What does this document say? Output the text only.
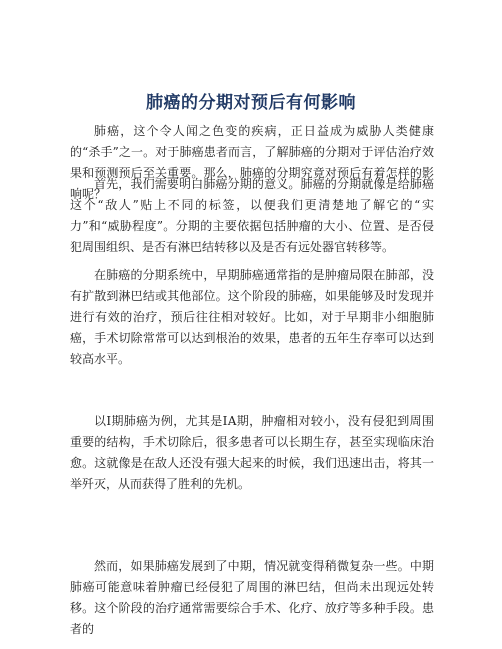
肺癌的分期对预后有何影响
肺癌，这个令人闻之色变的疾病，正日益成为威胁人类健康的“杀手”之一。对于肺癌患者而言，了解肺癌的分期对于评估治疗效果和预测预后至关重要。那么，肺癌的分期究竟对预后有着怎样的影响呢？
首先，我们需要明白肺癌分期的意义。肺癌的分期就像是给肺癌这个“敌人”贴上不同的标签，以便我们更清楚地了解它的“实力”和“威胁程度”。分期的主要依据包括肿瘤的大小、位置、是否侵犯周围组织、是否有淋巴结转移以及是否有远处器官转移等。
在肺癌的分期系统中，早期肺癌通常指的是肿瘤局限在肺部，没有扩散到淋巴结或其他部位。这个阶段的肺癌，如果能够及时发现并进行有效的治疗，预后往往相对较好。比如，对于早期非小细胞肺癌，手术切除常常可以达到根治的效果，患者的五年生存率可以达到较高水平。
以Ⅰ期肺癌为例，尤其是ⅠA期，肿瘤相对较小，没有侵犯到周围重要的结构，手术切除后，很多患者可以长期生存，甚至实现临床治愈。这就像是在敌人还没有强大起来的时候，我们迅速出击，将其一举歼灭，从而获得了胜利的先机。
然而，如果肺癌发展到了中期，情况就变得稍微复杂一些。中期肺癌可能意味着肿瘤已经侵犯了周围的淋巴结，但尚未出现远处转移。这个阶段的治疗通常需要综合手术、化疗、放疗等多种手段。患者的
